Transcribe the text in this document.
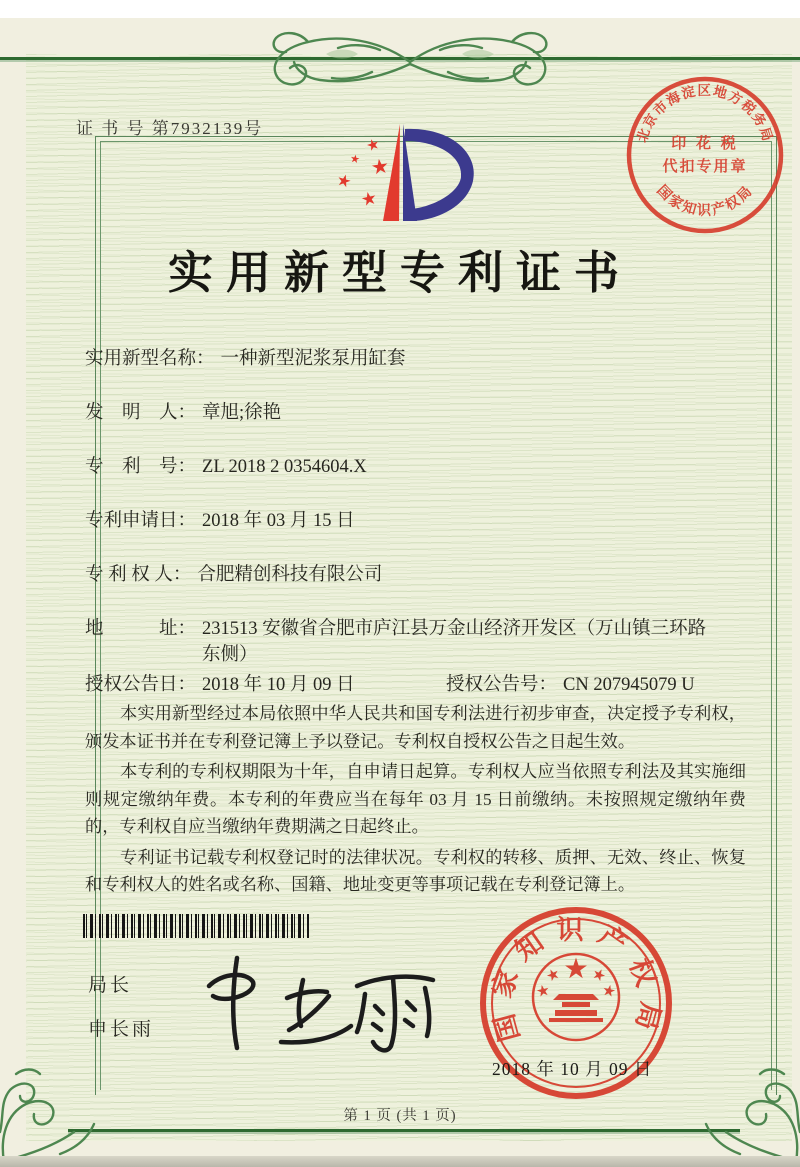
证 书 号 第7932139号
实用新型专利证书
实用新型名称： 一种新型泥浆泵用缸套
发　明　人： 章旭;徐艳
专　利　号： ZL 2018 2 0354604.X
专利申请日： 2018 年 03 月 15 日
专 利 权 人： 合肥精创科技有限公司
地　　　址： 231513 安徽省合肥市庐江县万金山经济开发区（万山镇三环路东侧）
授权公告日： 2018 年 10 月 09 日	授权公告号： CN 207945079 U

本实用新型经过本局依照中华人民共和国专利法进行初步审查，决定授予专利权，颁发本证书并在专利登记簿上予以登记。专利权自授权公告之日起生效。

本专利的专利权期限为十年，自申请日起算。专利权人应当依照专利法及其实施细则规定缴纳年费。本专利的年费应当在每年 03 月 15 日前缴纳。未按照规定缴纳年费的，专利权自应当缴纳年费期满之日起终止。

专利证书记载专利权登记时的法律状况。专利权的转移、质押、无效、终止、恢复和专利权人的姓名或名称、国籍、地址变更等事项记载在专利登记簿上。

局长

申长雨	国家知识产权局
2018 年 10 月 09 日
北京市海淀区地方税务局
国家知识产权局
印 花 税
代扣专用章
第 1 页 (共 1 页)
